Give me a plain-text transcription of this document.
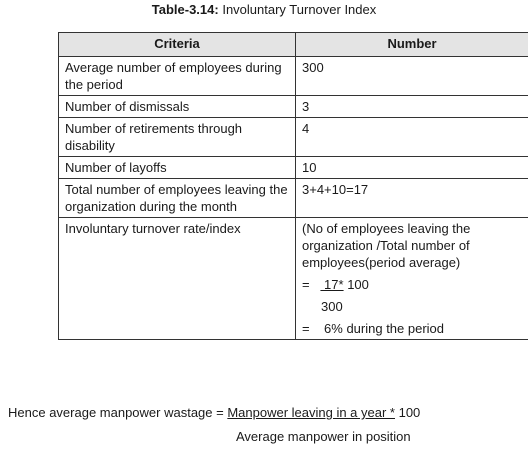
Table-3.14: Involuntary Turnover Index
Criteria	Number
Average number of employees during the period	300
Number of dismissals	3
Number of retirements through disability	4
Number of layoffs	10
Total number of employees leaving the organization during the month	3+4+10=17
Involuntary turnover rate/index	(No of employees leaving the organization /Total number of employees(period average)
=    17* 100
300
= 6% during the period
Hence average manpower wastage = Manpower leaving in a year * 100
Average manpower in position
